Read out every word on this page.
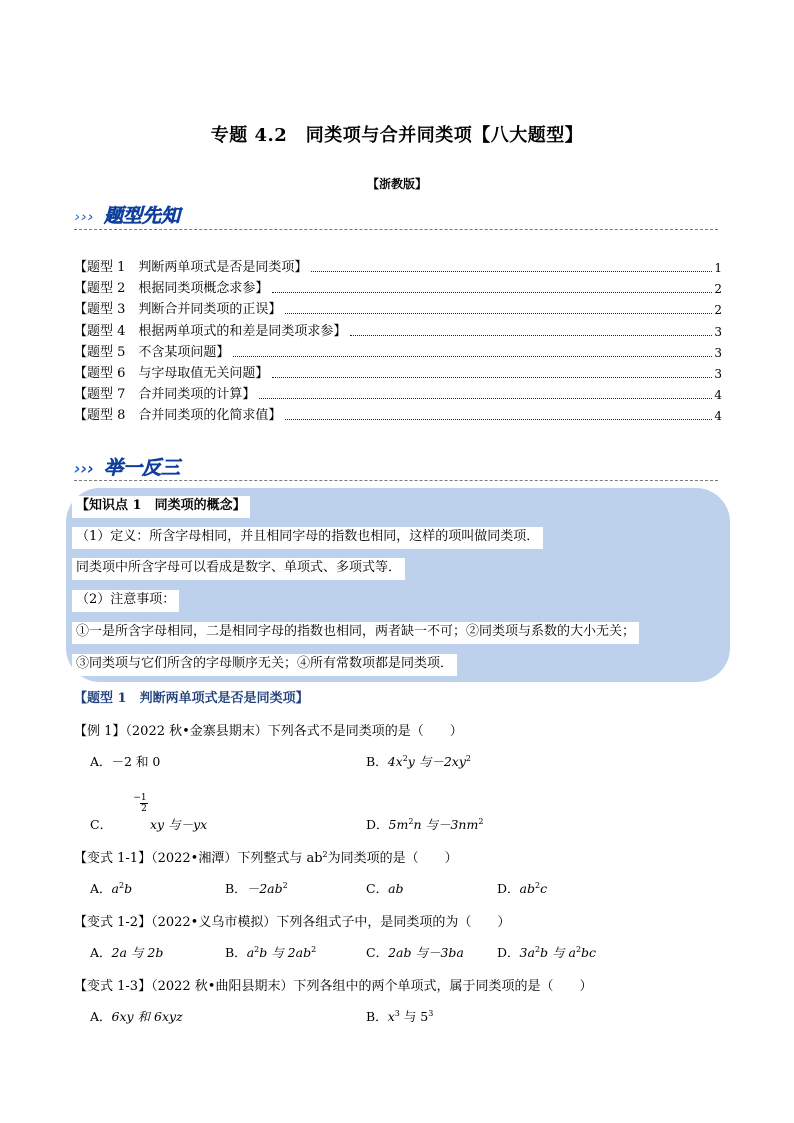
专题 4.2　同类项与合并同类项【八大题型】
【浙教版】
››› 题型先知
【题型 1　判断两单项式是否是同类项】	1
【题型 2　根据同类项概念求参】	2
【题型 3　判断合并同类项的正误】	2
【题型 4　根据两单项式的和差是同类项求参】	3
【题型 5　不含某项问题】	3
【题型 6　与字母取值无关问题】	3
【题型 7　合并同类项的计算】	4
【题型 8　合并同类项的化简求值】	4
››› 举一反三
【知识点 1　同类项的概念】
（1）定义：所含字母相同，并且相同字母的指数也相同，这样的项叫做同类项．
同类项中所含字母可以看成是数字、单项式、多项式等．
（2）注意事项：
①一是所含字母相同，二是相同字母的指数也相同，两者缺一不可；②同类项与系数的大小无关；
③同类项与它们所含的字母顺序无关；④所有常数项都是同类项．
【题型 1　判断两单项式是否是同类项】
【例 1】（2022 秋•金寨县期末）下列各式不是同类项的是（　　）
A．－2 和 0	B．$4x^2y$ 与$-2xy^2$
C．
−1
2
xy 与－yx	D．$5m^2n$ 与$-3nm^2$
【变式 1-1】（2022•湘潭）下列整式与 $ab^2$为同类项的是（　　）
A．$a^2b$	B．$-2ab^2$	C．ab	D．$ab^2c$
【变式 1-2】（2022•义乌市模拟）下列各组式子中，是同类项的为（　　）
A．2a 与 2b	B．$a^2b$ 与 $2ab^2$	C．2ab 与－3ba	D．$3a^2b$ 与 $a^2bc$
【变式 1-3】（2022 秋•曲阳县期末）下列各组中的两个单项式，属于同类项的是（　　）
A．6xy 和 6xyz	B．$x^3$ 与 $5^3$
